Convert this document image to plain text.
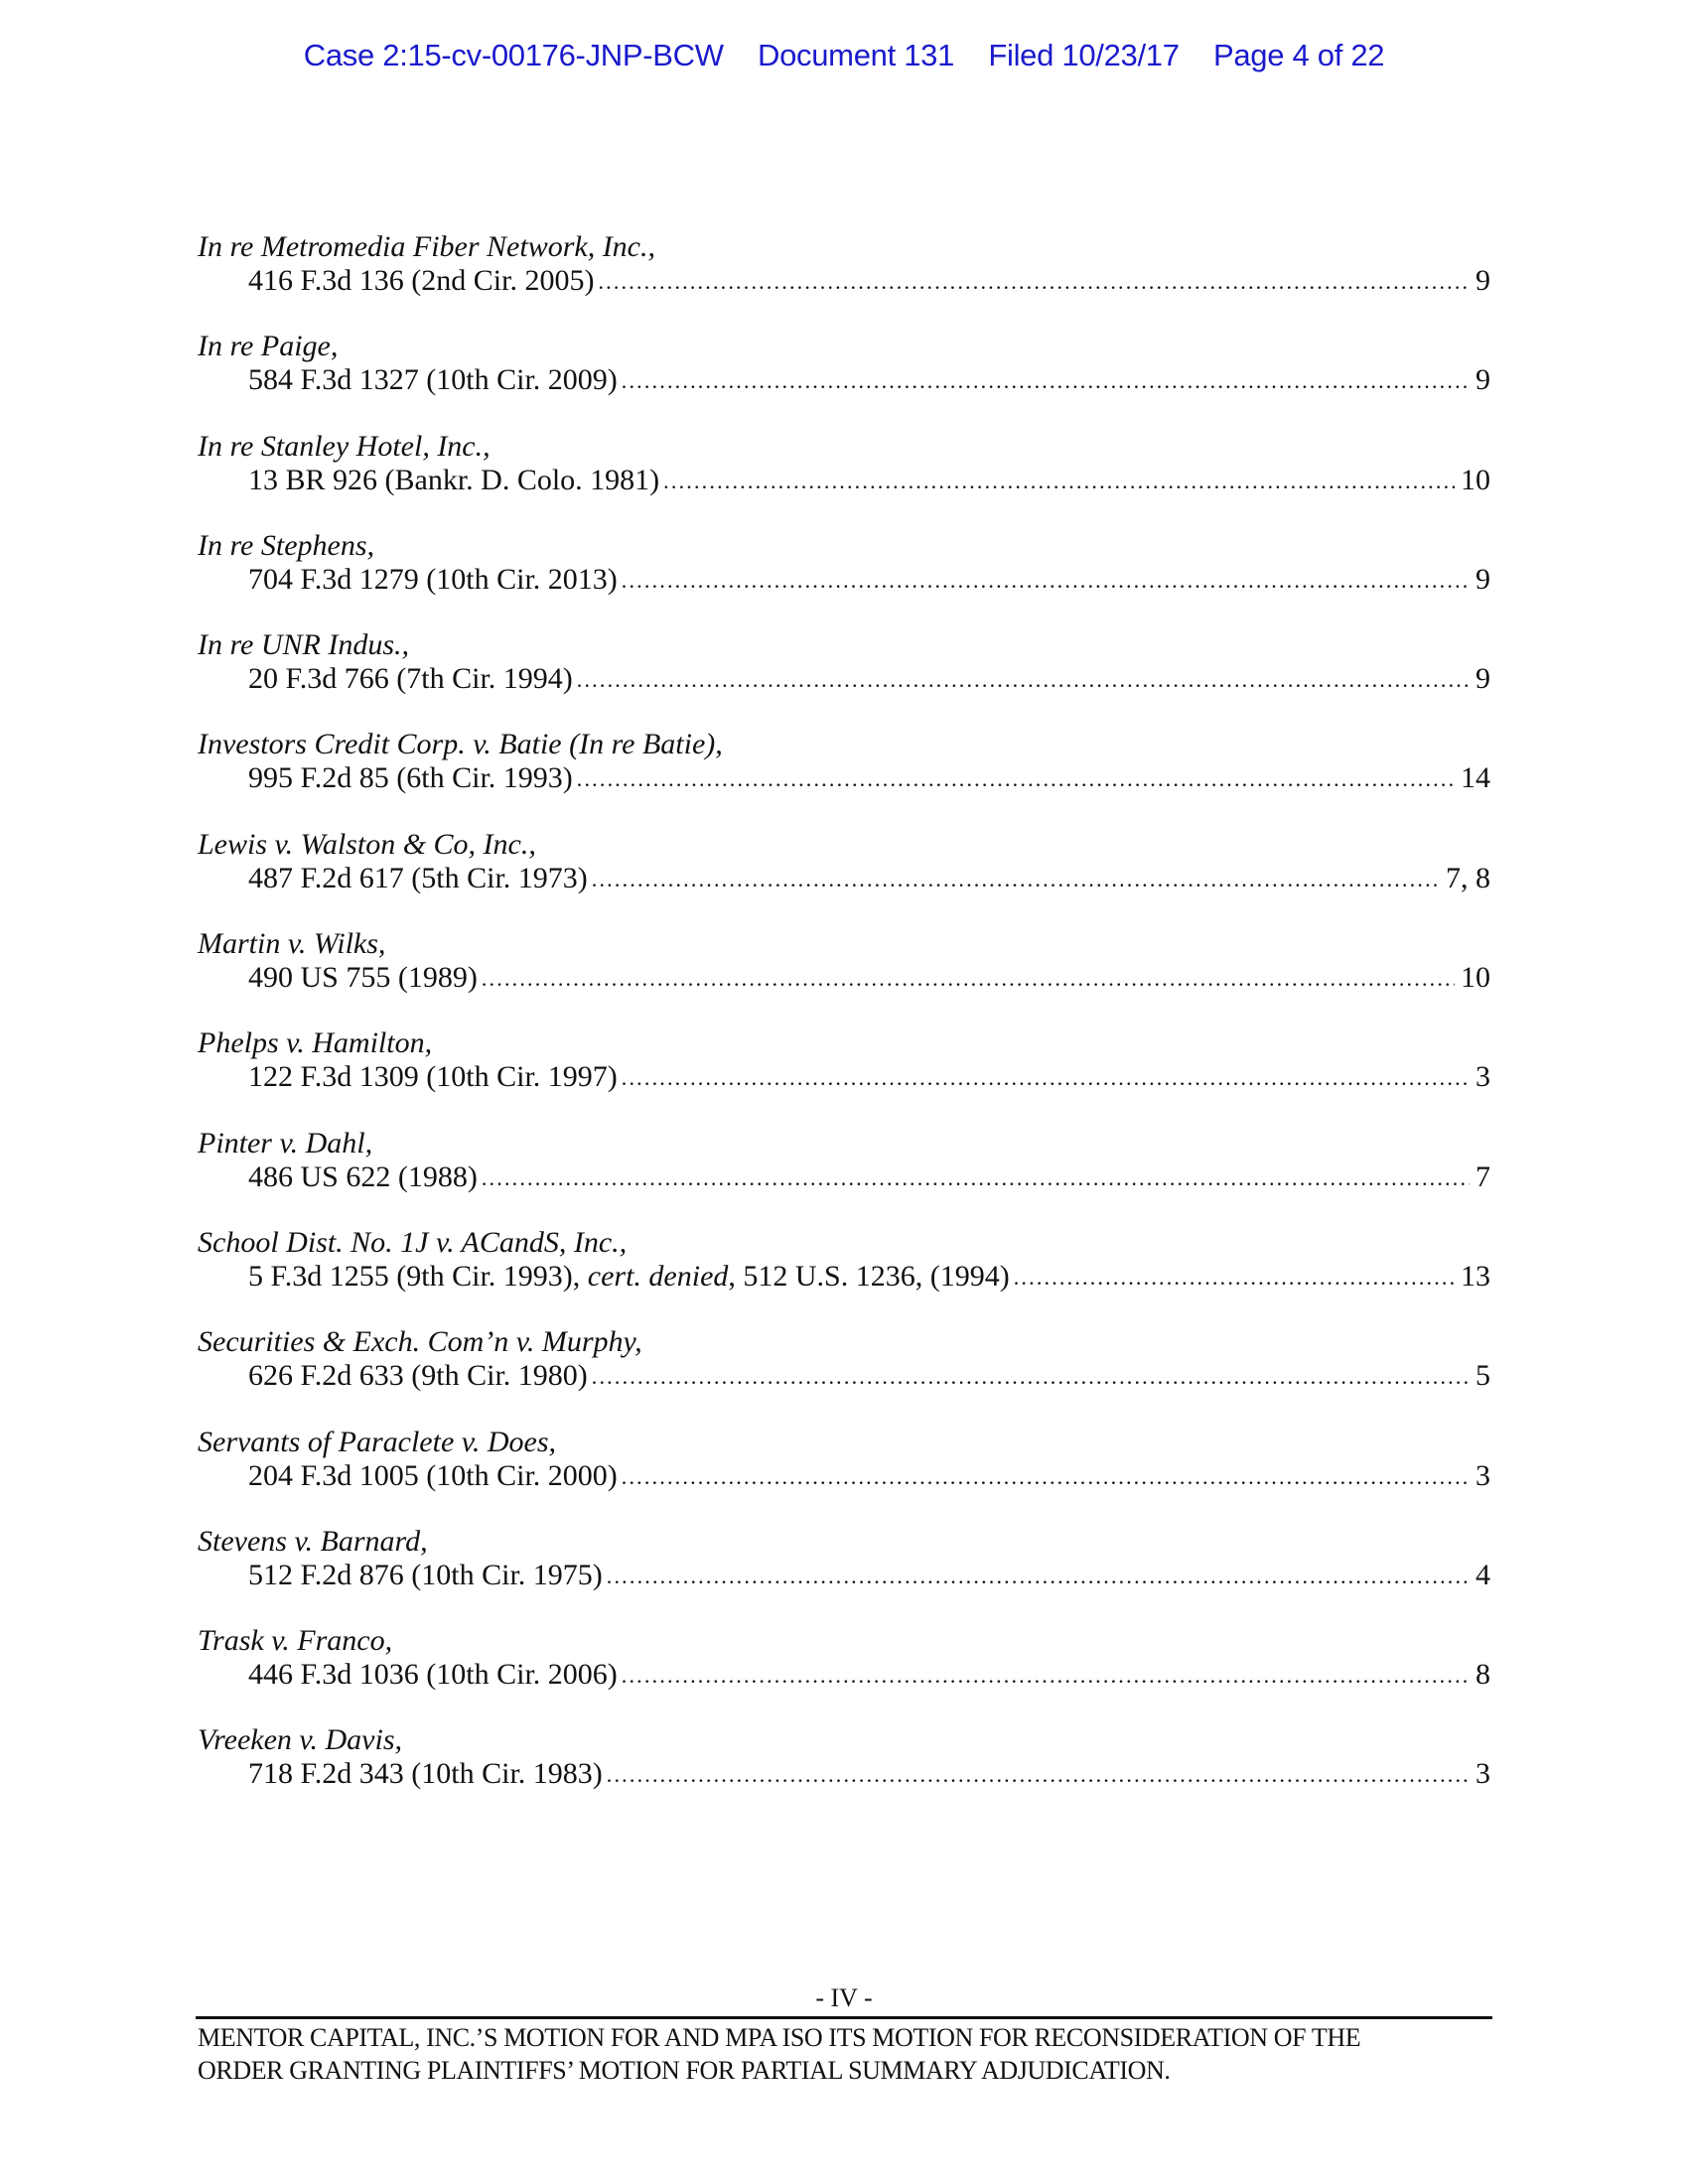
Case 2:15-cv-00176-JNP-BCW Document 131 Filed 10/23/17 Page 4 of 22
In re Metromedia Fiber Network, Inc.,
416 F.3d 136 (2nd Cir. 2005) .....	9
In re Paige,
584 F.3d 1327 (10th Cir. 2009) .....	9
In re Stanley Hotel, Inc.,
13 BR 926 (Bankr. D. Colo. 1981) .....	10
In re Stephens,
704 F.3d 1279 (10th Cir. 2013) .....	9
In re UNR Indus.,
20 F.3d 766 (7th Cir. 1994) .....	9
Investors Credit Corp. v. Batie (In re Batie),
995 F.2d 85 (6th Cir. 1993) .....	14
Lewis v. Walston & Co, Inc.,
487 F.2d 617 (5th Cir. 1973) .....	7, 8
Martin v. Wilks,
490 US 755 (1989) .....	10
Phelps v. Hamilton,
122 F.3d 1309 (10th Cir. 1997) .....	3
Pinter v. Dahl,
486 US 622 (1988) .....	7
School Dist. No. 1J v. ACandS, Inc.,
5 F.3d 1255 (9th Cir. 1993), cert. denied, 512 U.S. 1236, (1994) .....	13
Securities & Exch. Com’n v. Murphy,
626 F.2d 633 (9th Cir. 1980) .....	5
Servants of Paraclete v. Does,
204 F.3d 1005 (10th Cir. 2000) .....	3
Stevens v. Barnard,
512 F.2d 876 (10th Cir. 1975) .....	4
Trask v. Franco,
446 F.3d 1036 (10th Cir. 2006) .....	8
Vreeken v. Davis,
718 F.2d 343 (10th Cir. 1983) .....	3
- IV -
MENTOR CAPITAL, INC.’S MOTION FOR AND MPA ISO ITS MOTION FOR RECONSIDERATION OF THE
ORDER GRANTING PLAINTIFFS’ MOTION FOR PARTIAL SUMMARY ADJUDICATION.
